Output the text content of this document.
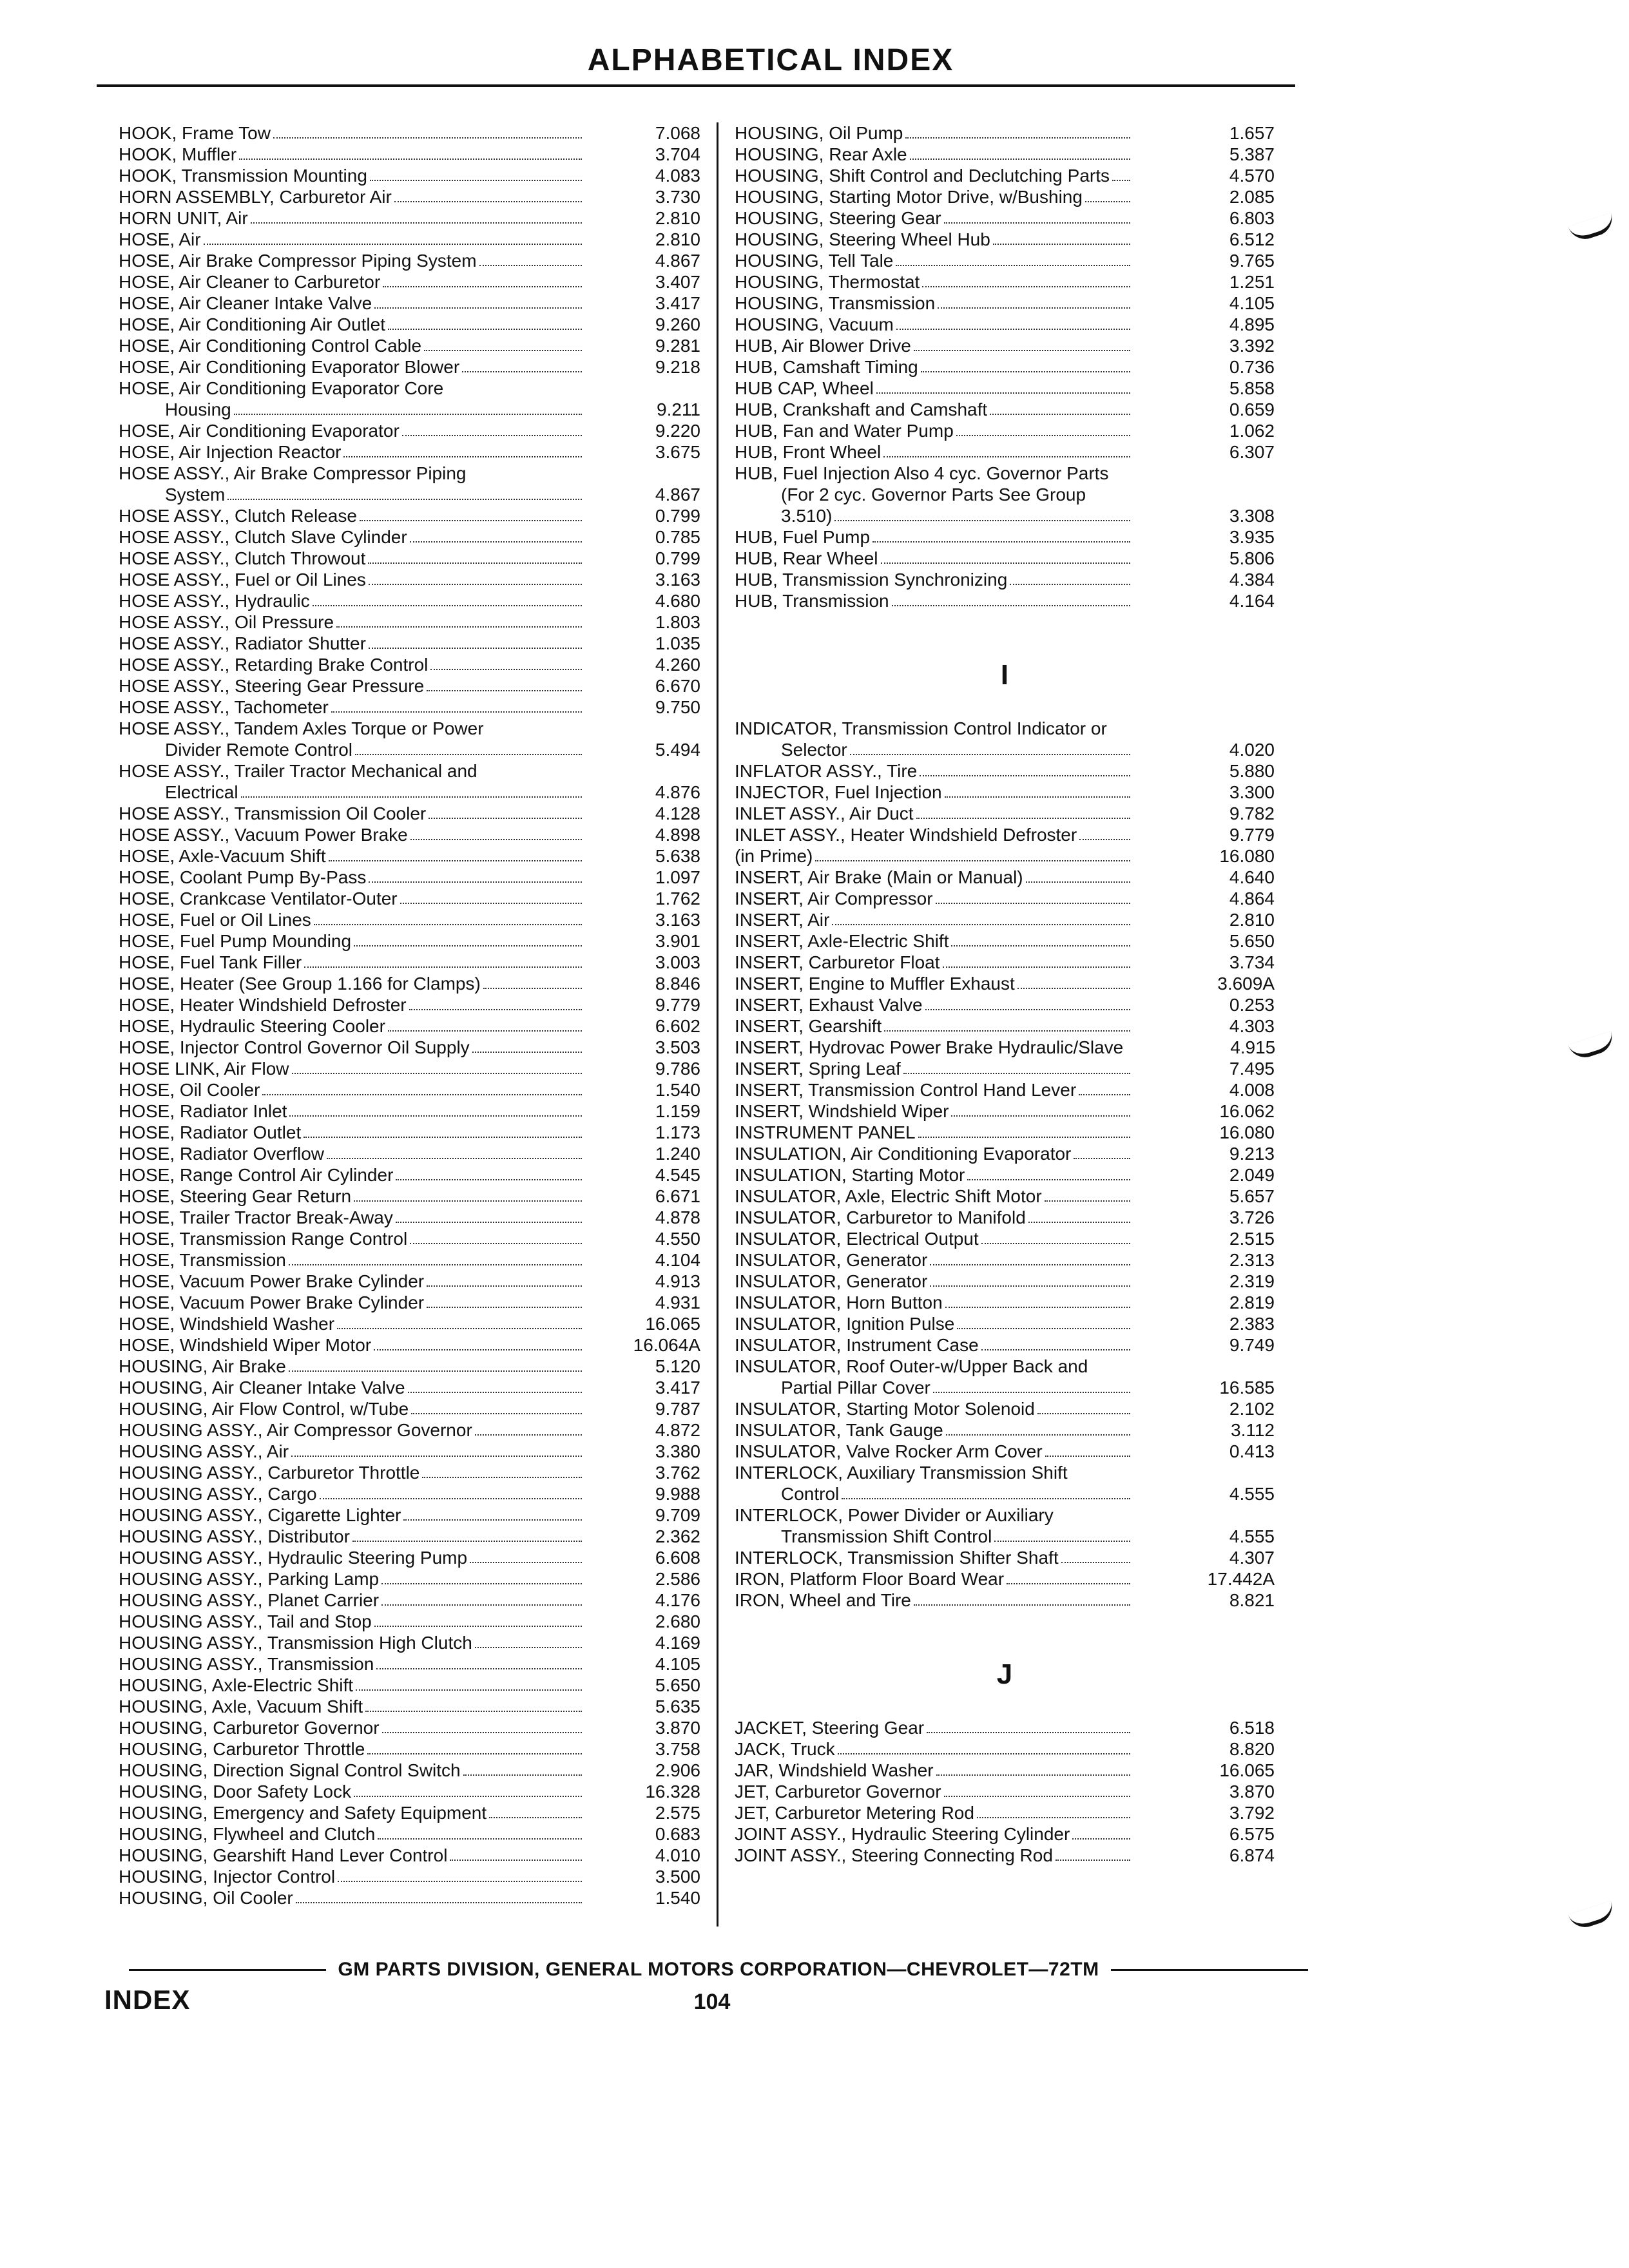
ALPHABETICAL INDEX
HOOK, Frame Tow	7.068
HOOK, Muffler	3.704
HOOK, Transmission Mounting	4.083
HORN ASSEMBLY, Carburetor Air	3.730
HORN UNIT, Air	2.810
HOSE, Air	2.810
HOSE, Air Brake Compressor Piping System	4.867
HOSE, Air Cleaner to Carburetor	3.407
HOSE, Air Cleaner Intake Valve	3.417
HOSE, Air Conditioning Air Outlet	9.260
HOSE, Air Conditioning Control Cable	9.281
HOSE, Air Conditioning Evaporator Blower	9.218
HOSE, Air Conditioning Evaporator Core
Housing	9.211
HOSE, Air Conditioning Evaporator	9.220
HOSE, Air Injection Reactor	3.675
HOSE ASSY., Air Brake Compressor Piping
System	4.867
HOSE ASSY., Clutch Release	0.799
HOSE ASSY., Clutch Slave Cylinder	0.785
HOSE ASSY., Clutch Throwout	0.799
HOSE ASSY., Fuel or Oil Lines	3.163
HOSE ASSY., Hydraulic	4.680
HOSE ASSY., Oil Pressure	1.803
HOSE ASSY., Radiator Shutter	1.035
HOSE ASSY., Retarding Brake Control	4.260
HOSE ASSY., Steering Gear Pressure	6.670
HOSE ASSY., Tachometer	9.750
HOSE ASSY., Tandem Axles Torque or Power
Divider Remote Control	5.494
HOSE ASSY., Trailer Tractor Mechanical and
Electrical	4.876
HOSE ASSY., Transmission Oil Cooler	4.128
HOSE ASSY., Vacuum Power Brake	4.898
HOSE, Axle-Vacuum Shift	5.638
HOSE, Coolant Pump By-Pass	1.097
HOSE, Crankcase Ventilator-Outer	1.762
HOSE, Fuel or Oil Lines	3.163
HOSE, Fuel Pump Mounding	3.901
HOSE, Fuel Tank Filler	3.003
HOSE, Heater (See Group 1.166 for Clamps)	8.846
HOSE, Heater Windshield Defroster	9.779
HOSE, Hydraulic Steering Cooler	6.602
HOSE, Injector Control Governor Oil Supply	3.503
HOSE LINK, Air Flow	9.786
HOSE, Oil Cooler	1.540
HOSE, Radiator Inlet	1.159
HOSE, Radiator Outlet	1.173
HOSE, Radiator Overflow	1.240
HOSE, Range Control Air Cylinder	4.545
HOSE, Steering Gear Return	6.671
HOSE, Trailer Tractor Break-Away	4.878
HOSE, Transmission Range Control	4.550
HOSE, Transmission	4.104
HOSE, Vacuum Power Brake Cylinder	4.913
HOSE, Vacuum Power Brake Cylinder	4.931
HOSE, Windshield Washer	16.065
HOSE, Windshield Wiper Motor	16.064A
HOUSING, Air Brake	5.120
HOUSING, Air Cleaner Intake Valve	3.417
HOUSING, Air Flow Control, w/Tube	9.787
HOUSING ASSY., Air Compressor Governor	4.872
HOUSING ASSY., Air	3.380
HOUSING ASSY., Carburetor Throttle	3.762
HOUSING ASSY., Cargo	9.988
HOUSING ASSY., Cigarette Lighter	9.709
HOUSING ASSY., Distributor	2.362
HOUSING ASSY., Hydraulic Steering Pump	6.608
HOUSING ASSY., Parking Lamp	2.586
HOUSING ASSY., Planet Carrier	4.176
HOUSING ASSY., Tail and Stop	2.680
HOUSING ASSY., Transmission High Clutch	4.169
HOUSING ASSY., Transmission	4.105
HOUSING, Axle-Electric Shift	5.650
HOUSING, Axle, Vacuum Shift	5.635
HOUSING, Carburetor Governor	3.870
HOUSING, Carburetor Throttle	3.758
HOUSING, Direction Signal Control Switch	2.906
HOUSING, Door Safety Lock	16.328
HOUSING, Emergency and Safety Equipment	2.575
HOUSING, Flywheel and Clutch	0.683
HOUSING, Gearshift Hand Lever Control	4.010
HOUSING, Injector Control	3.500
HOUSING, Oil Cooler	1.540
HOUSING, Oil Pump	1.657
HOUSING, Rear Axle	5.387
HOUSING, Shift Control and Declutching Parts	4.570
HOUSING, Starting Motor Drive, w/Bushing	2.085
HOUSING, Steering Gear	6.803
HOUSING, Steering Wheel Hub	6.512
HOUSING, Tell Tale	9.765
HOUSING, Thermostat	1.251
HOUSING, Transmission	4.105
HOUSING, Vacuum	4.895
HUB, Air Blower Drive	3.392
HUB, Camshaft Timing	0.736
HUB CAP, Wheel	5.858
HUB, Crankshaft and Camshaft	0.659
HUB, Fan and Water Pump	1.062
HUB, Front Wheel	6.307
HUB, Fuel Injection Also 4 cyc. Governor Parts
(For 2 cyc. Governor Parts See Group
3.510)	3.308
HUB, Fuel Pump	3.935
HUB, Rear Wheel	5.806
HUB, Transmission Synchronizing	4.384
HUB, Transmission	4.164
I
INDICATOR, Transmission Control Indicator or
Selector	4.020
INFLATOR ASSY., Tire	5.880
INJECTOR, Fuel Injection	3.300
INLET ASSY., Air Duct	9.782
INLET ASSY., Heater Windshield Defroster	9.779
(in Prime)	16.080
INSERT, Air Brake (Main or Manual)	4.640
INSERT, Air Compressor	4.864
INSERT, Air	2.810
INSERT, Axle-Electric Shift	5.650
INSERT, Carburetor Float	3.734
INSERT, Engine to Muffler Exhaust	3.609A
INSERT, Exhaust Valve	0.253
INSERT, Gearshift	4.303
INSERT, Hydrovac Power Brake Hydraulic/Slave	4.915
INSERT, Spring Leaf	7.495
INSERT, Transmission Control Hand Lever	4.008
INSERT, Windshield Wiper	16.062
INSTRUMENT PANEL	16.080
INSULATION, Air Conditioning Evaporator	9.213
INSULATION, Starting Motor	2.049
INSULATOR, Axle, Electric Shift Motor	5.657
INSULATOR, Carburetor to Manifold	3.726
INSULATOR, Electrical Output	2.515
INSULATOR, Generator	2.313
INSULATOR, Generator	2.319
INSULATOR, Horn Button	2.819
INSULATOR, Ignition Pulse	2.383
INSULATOR, Instrument Case	9.749
INSULATOR, Roof Outer-w/Upper Back and
Partial Pillar Cover	16.585
INSULATOR, Starting Motor Solenoid	2.102
INSULATOR, Tank Gauge	3.112
INSULATOR, Valve Rocker Arm Cover	0.413
INTERLOCK, Auxiliary Transmission Shift
Control	4.555
INTERLOCK, Power Divider or Auxiliary
Transmission Shift Control	4.555
INTERLOCK, Transmission Shifter Shaft	4.307
IRON, Platform Floor Board Wear	17.442A
IRON, Wheel and Tire	8.821
J
JACKET, Steering Gear	6.518
JACK, Truck	8.820
JAR, Windshield Washer	16.065
JET, Carburetor Governor	3.870
JET, Carburetor Metering Rod	3.792
JOINT ASSY., Hydraulic Steering Cylinder	6.575
JOINT ASSY., Steering Connecting Rod	6.874
GM PARTS DIVISION, GENERAL MOTORS CORPORATION—CHEVROLET—72TM
INDEX	104
